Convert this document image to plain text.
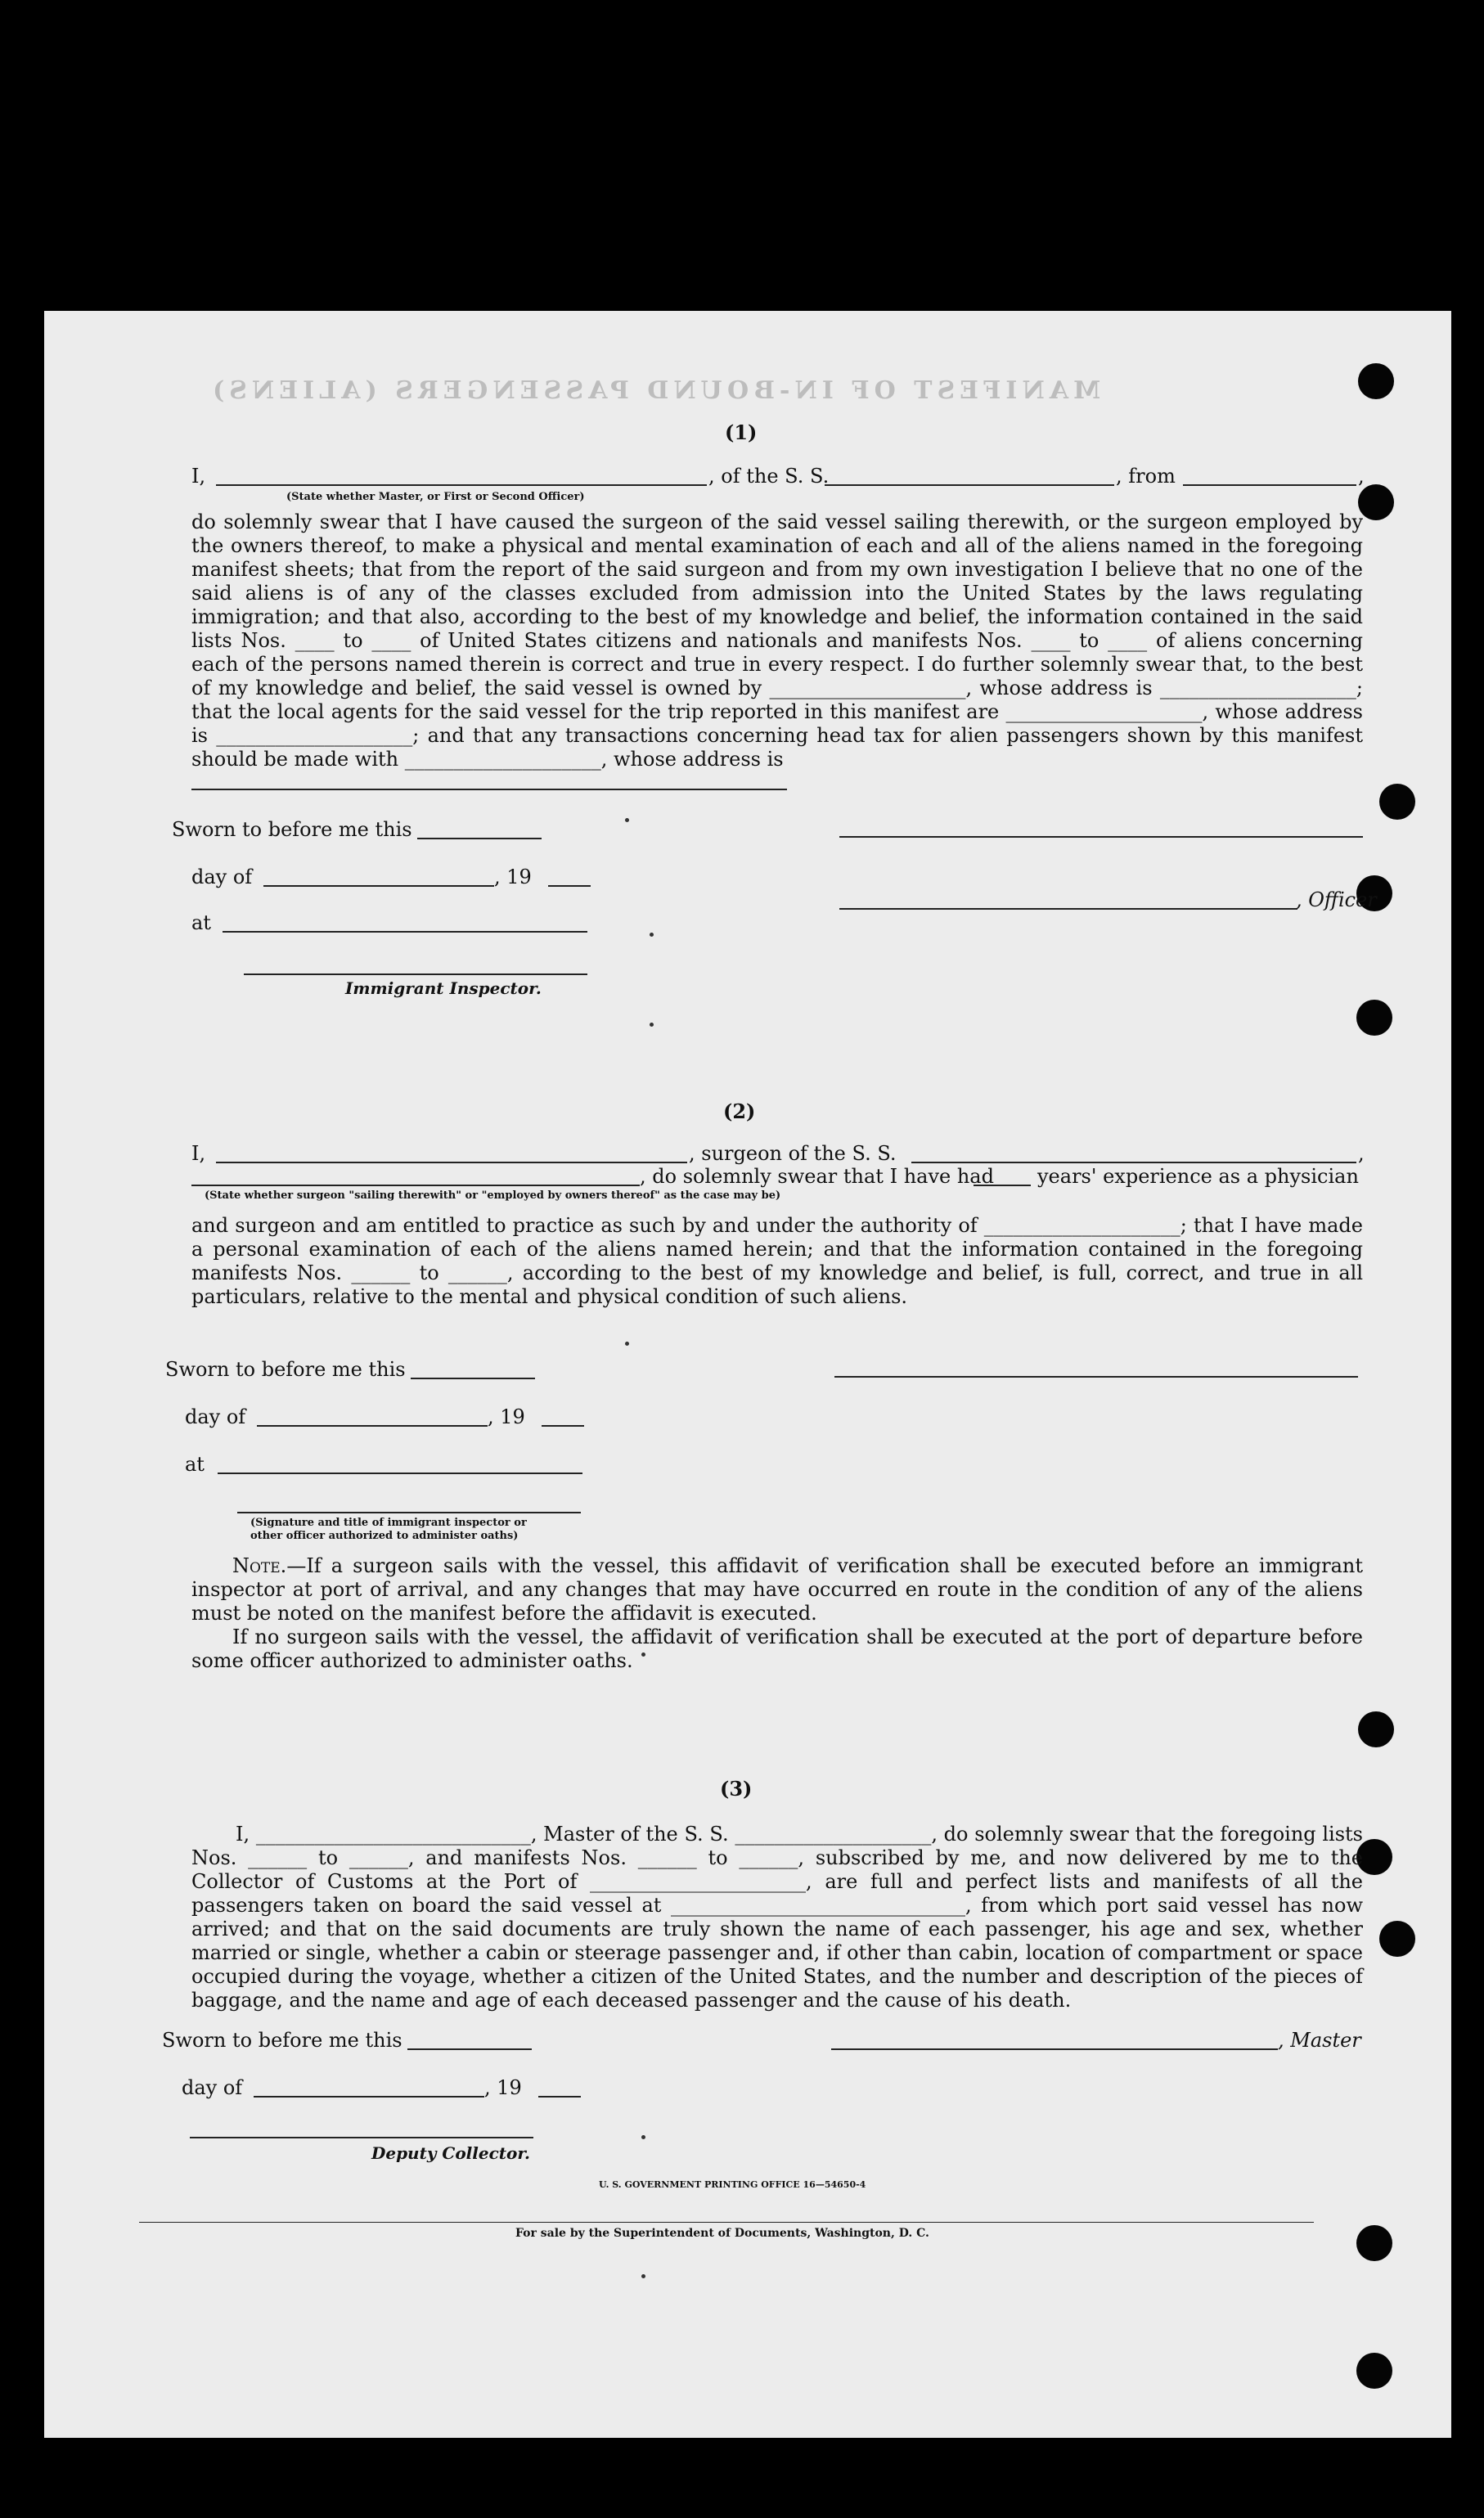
MANIFEST OF IN-BOUND PASSENGERS (ALIENS)
(1)
I,	, of the S. S.	, from	,
(State whether Master, or First or Second Officer)

do solemnly swear that I have caused the surgeon of the said vessel sailing therewith, or the surgeon employed by the owners thereof, to make a physical and mental examination of each and all of the aliens named in the foregoing manifest sheets; that from the report of the said surgeon and from my own investigation I believe that no one of the said aliens is of any of the classes excluded from admission into the United States by the laws regulating immigration; and that also, according to the best of my knowledge and belief, the information contained in the said lists Nos. ____ to ____ of United States citizens and nationals and manifests Nos. ____ to ____ of aliens concerning each of the persons named therein is correct and true in every respect. I do further solemnly swear that, to the best of my knowledge and belief, the said vessel is owned by ____________________, whose address is ____________________; that the local agents for the said vessel for the trip reported in this manifest are ____________________, whose address is ____________________; and that any transactions concerning head tax for alien passengers shown by this manifest should be made with ____________________, whose address is

Sworn to before me this
day of	, 19
at
Immigrant Inspector.
, Officer
(2)
I,	, surgeon of the S. S.	,
, do solemnly swear that I have had years' experience as a physician
(State whether surgeon "sailing therewith" or "employed by owners thereof" as the case may be)

and surgeon and am entitled to practice as such by and under the authority of ____________________; that I have made a personal examination of each of the aliens named herein; and that the information contained in the foregoing manifests Nos. ______ to ______, according to the best of my knowledge and belief, is full, correct, and true in all particulars, relative to the mental and physical condition of such aliens.

Sworn to before me this
day of	, 19
at
(Signature and title of immigrant inspector or
other officer authorized to administer oaths)

Note.—If a surgeon sails with the vessel, this affidavit of verification shall be executed before an immigrant inspector at port of arrival, and any changes that may have occurred en route in the condition of any of the aliens must be noted on the manifest before the affidavit is executed.

If no surgeon sails with the vessel, the affidavit of verification shall be executed at the port of departure before some officer authorized to administer oaths.

(3)

I, ____________________________, Master of the S. S. ____________________, do solemnly swear that the foregoing lists Nos. ______ to ______, and manifests Nos. ______ to ______, subscribed by me, and now delivered by me to the Collector of Customs at the Port of ______________________, are full and perfect lists and manifests of all the passengers taken on board the said vessel at ______________________________, from which port said vessel has now arrived; and that on the said documents are truly shown the name of each passenger, his age and sex, whether married or single, whether a cabin or steerage passenger and, if other than cabin, location of compartment or space occupied during the voyage, whether a citizen of the United States, and the number and description of the pieces of baggage, and the name and age of each deceased passenger and the cause of his death.

Sworn to before me this
day of	, 19
Deputy Collector.
, Master
U. S. GOVERNMENT PRINTING OFFICE 16—54650-4
For sale by the Superintendent of Documents, Washington, D. C.
